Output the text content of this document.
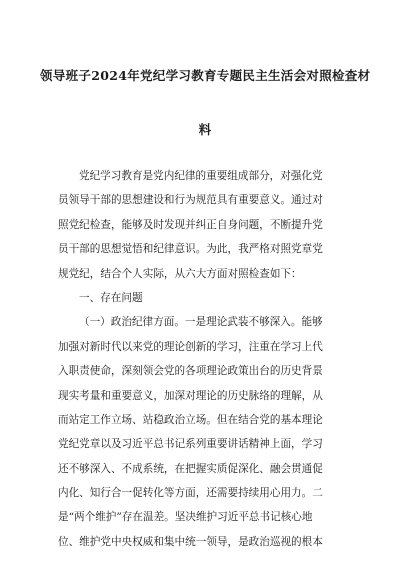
领导班子2024年党纪学习教育专题民主生活会对照检查材
料
党纪学习教育是党内纪律的重要组成部分，对强化党
员领导干部的思想建设和行为规范具有重要意义。通过对
照党纪检查，能够及时发现并纠正自身问题，不断提升党
员干部的思想觉悟和纪律意识。为此，我严格对照党章党
规党纪，结合个人实际，从六大方面对照检查如下：
一、存在问题
（一）政治纪律方面。一是理论武装不够深入。能够
加强对新时代以来党的理论创新的学习，注重在学习上代
入职责使命，深刻领会党的各项理论政策出台的历史背景
现实考量和重要意义，加深对理论的历史脉络的理解，从
而站定工作立场、站稳政治立场。但在结合党的基本理论
党纪党章以及习近平总书记系列重要讲话精神上面，学习
还不够深入、不成系统，在把握实质促深化、融会贯通促
内化、知行合一促转化等方面，还需要持续用心用力。二
是“两个维护”存在温差。坚决维护习近平总书记核心地
位、维护党中央权威和集中统一领导，是政治巡视的根本
